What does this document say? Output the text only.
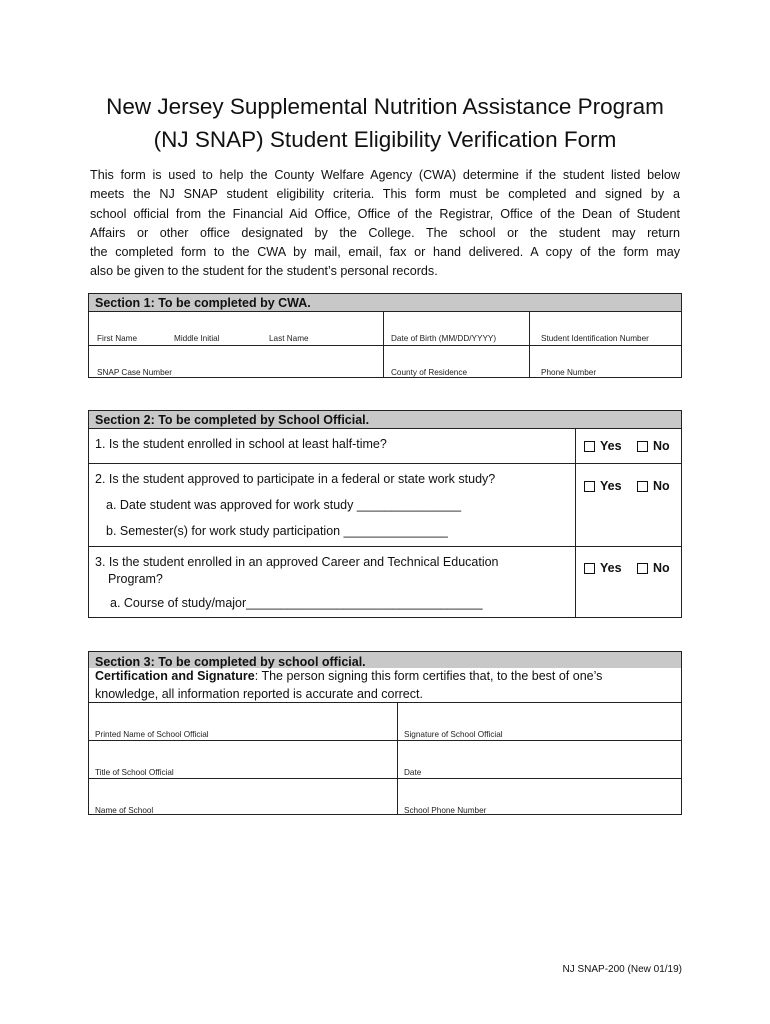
New Jersey Supplemental Nutrition Assistance Program
(NJ SNAP) Student Eligibility Verification Form
This form is used to help the County Welfare Agency (CWA) determine if the student listed below
meets the NJ SNAP student eligibility criteria. This form must be completed and signed by a
school official from the Financial Aid Office, Office of the Registrar, Office of the Dean of Student
Affairs or other office designated by the College. The school or the student may return
the completed form to the CWA by mail, email, fax or hand delivered. A copy of the form may
also be given to the student for the student’s personal records.
Section 1: To be completed by CWA.
First Name	Middle Initial	Last Name	Date of Birth (MM/DD/YYYY)	Student Identification Number
SNAP Case Number	County of Residence	Phone Number
Section 2: To be completed by School Official.
1. Is the student enrolled in school at least half-time?	Yes	No
2. Is the student approved to participate in a federal or state work study?	Yes	No
a. Date student was approved for work study _______________
b. Semester(s) for work study participation _______________
3. Is the student enrolled in an approved Career and Technical Education
Program?
Yes	No
a. Course of study/major__________________________________
Section 3: To be completed by school official.
Certification and Signature: The person signing this form certifies that, to the best of one’s
knowledge, all information reported is accurate and correct.
Printed Name of School Official	Signature of School Official
Title of School Official	Date
Name of School	School Phone Number
NJ SNAP-200 (New 01/19)
